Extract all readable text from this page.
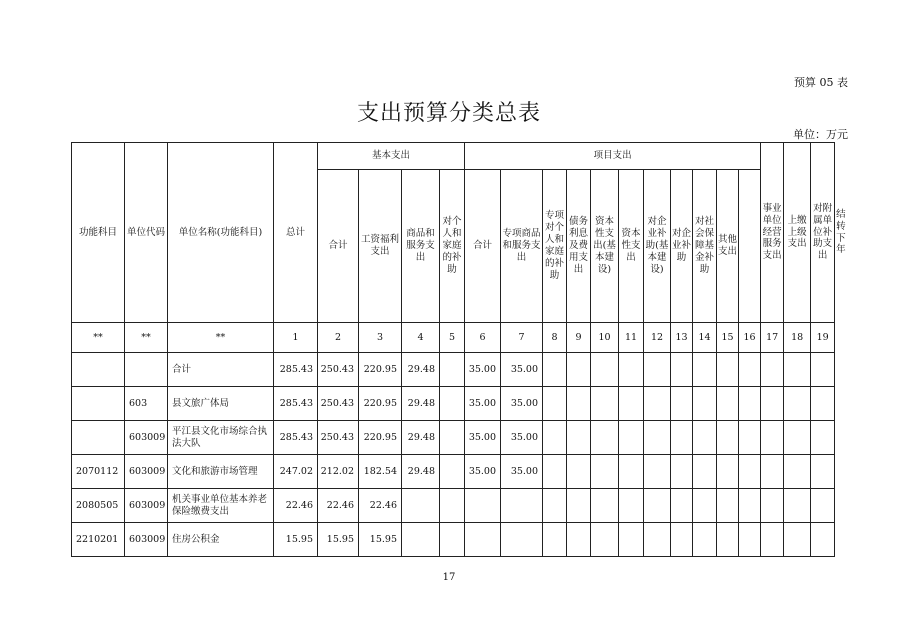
预算 05 表
支出预算分类总表
单位：万元
功能科目	单位代码	单位名称(功能科目)	总计	基本支出				项目支出											事业单位经营服务支出	上缴上级支出	对附属单位补助支出	结转下年
				合计	工资福利支出	商品和服务支出	对个人和家庭的补助	合计	专项商品和服务支出	专项对个人和家庭的补助	债务利息及费用支出	资本性支出(基本建设)	资本性支出	对企业补助(基本建设)	对企业补助	对社会保障基金补助	其他支出					
**	**	**	1	2	3	4	5	6	7	8	9	10	11	12	13	14	15	16	17	18	19	
		合计	285.43	250.43	220.95	29.48		35.00	35.00													
	603	县文旅广体局	285.43	250.43	220.95	29.48		35.00	35.00													
	603009	平江县文化市场综合执法大队	285.43	250.43	220.95	29.48		35.00	35.00													
2070112	603009	文化和旅游市场管理	247.02	212.02	182.54	29.48		35.00	35.00													
2080505	603009	机关事业单位基本养老保险缴费支出	22.46	22.46	22.46																	
2210201	603009	住房公积金	15.95	15.95	15.95																	
17
